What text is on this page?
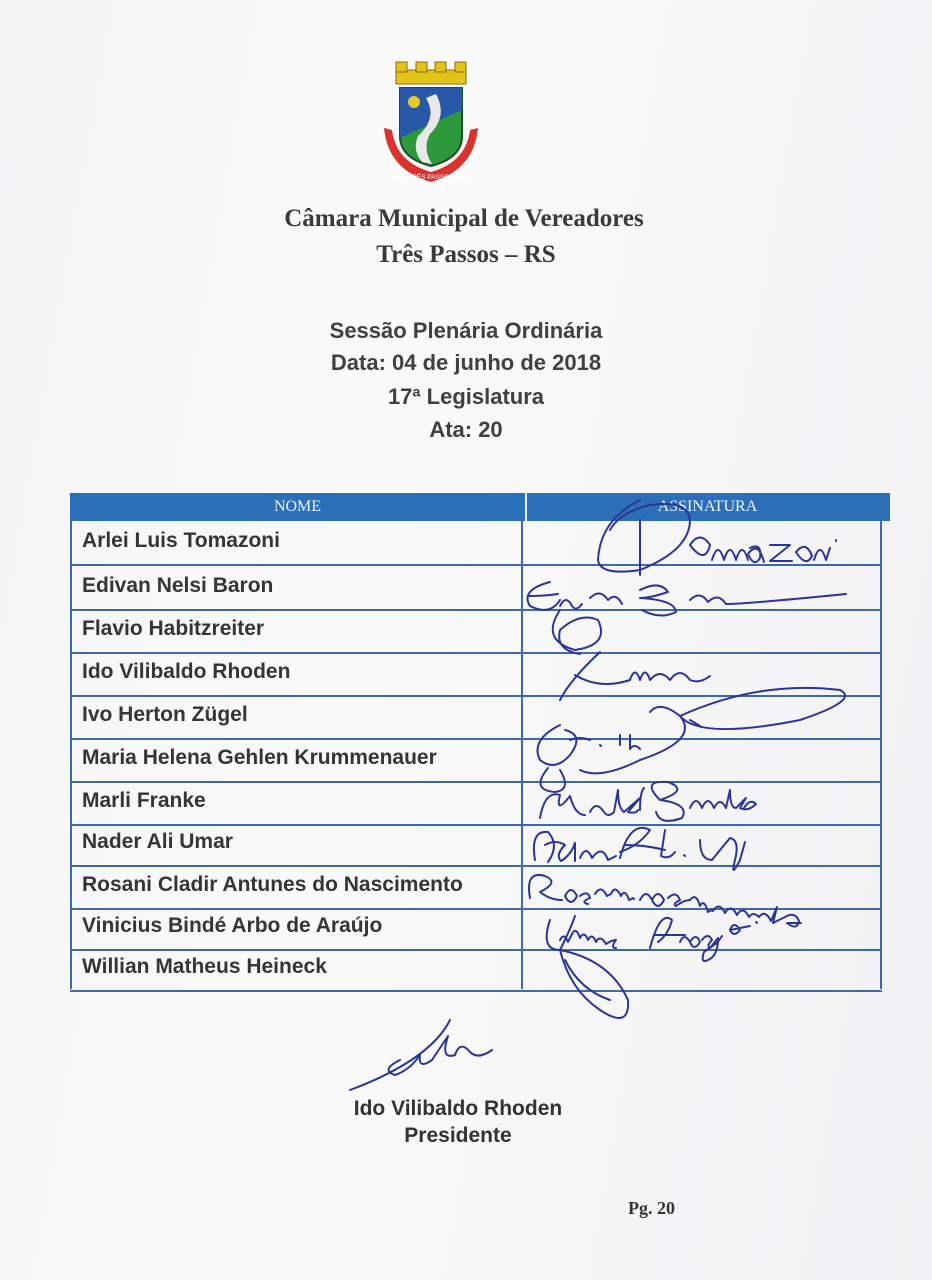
1879 TRÊS PASSOS 1944
Câmara Municipal de Vereadores
Três Passos – RS
Sessão Plenária Ordinária
Data: 04 de junho de 2018
17ª Legislatura
Ata: 20
NOME	ASSINATURA
Arlei Luis Tomazoni
Edivan Nelsi Baron
Flavio Habitzreiter
Ido Vilibaldo Rhoden
Ivo Herton Zügel
Maria Helena Gehlen Krummenauer
Marli Franke
Nader Ali Umar
Rosani Cladir Antunes do Nascimento
Vinicius Bindé Arbo de Araújo
Willian Matheus Heineck
Ido Vilibaldo Rhoden
Presidente
Pg. 20
